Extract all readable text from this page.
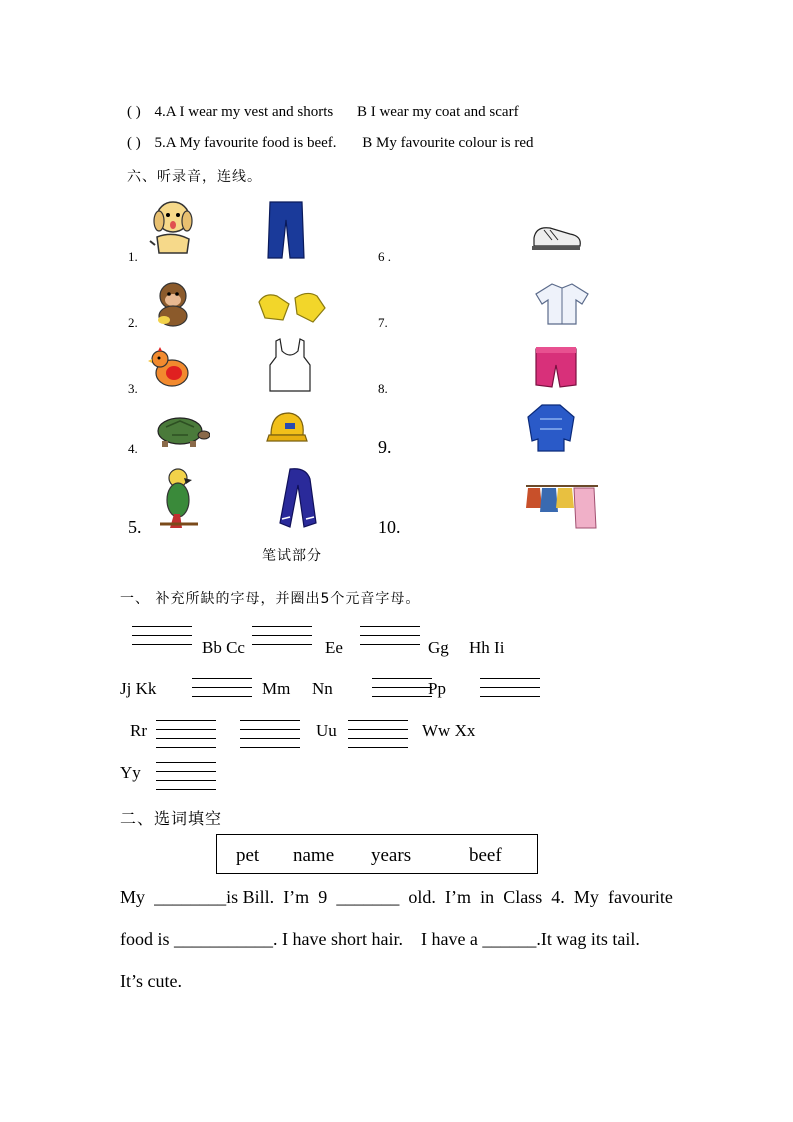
( ) 4.A I wear my vest and shorts B I wear my coat and scarf
( ) 5.A My favourite food is beef. B My favourite colour is red
六、听录音，连线。
1.
2.
3.
4.
5.
6 .
7.
8.
9.
10.
笔试部分
一、 补充所缺的字母，并圈出5个元音字母。
Bb Cc	Ee	Gg Hh Ii
Jj Kk	Mm Nn	Pp
Rr	Uu	Ww Xx
Yy
二、选词填空
pet name years	beef
My ________is Bill. I’m 9 _______ old. I’m in Class 4. My favourite
food is ___________. I have short hair.    I have a ______.It wag its tail.
It’s cute.
